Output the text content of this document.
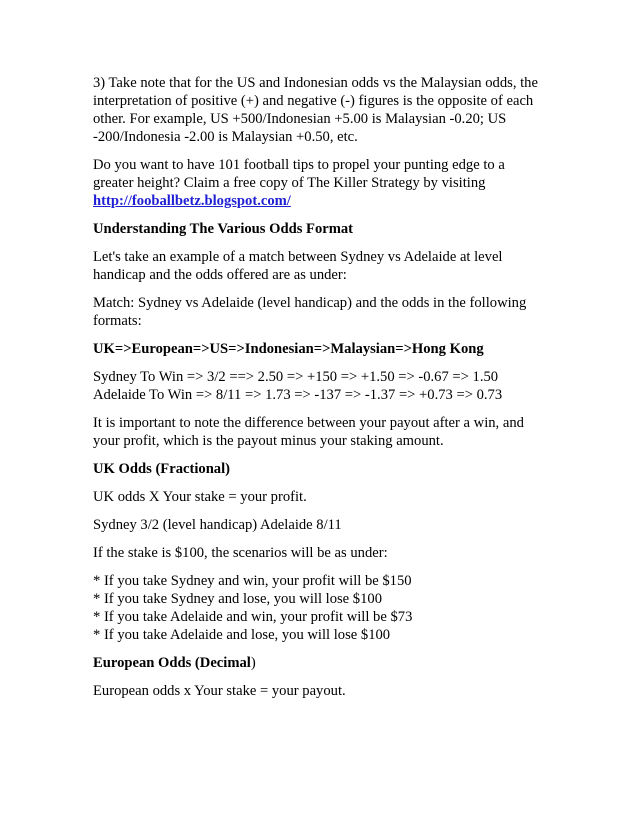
3) Take note that for the US and Indonesian odds vs the Malaysian odds, the interpretation of positive (+) and negative (-) figures is the opposite of each other. For example, US +500/Indonesian +5.00 is Malaysian -0.20; US -200/Indonesia -2.00 is Malaysian +0.50, etc.

Do you want to have 101 football tips to propel your punting edge to a greater height? Claim a free copy of The Killer Strategy by visiting
http://fooballbetz.blogspot.com/

Understanding The Various Odds Format

Let's take an example of a match between Sydney vs Adelaide at level handicap and the odds offered are as under:

Match: Sydney vs Adelaide (level handicap) and the odds in the following formats:

UK=>European=>US=>Indonesian=>Malaysian=>Hong Kong

Sydney To Win => 3/2 ==> 2.50 => +150 => +1.50 => -0.67 => 1.50
Adelaide To Win => 8/11 => 1.73 => -137 => -1.37 => +0.73 => 0.73

It is important to note the difference between your payout after a win, and your profit, which is the payout minus your staking amount.

UK Odds (Fractional)

UK odds X Your stake = your profit.

Sydney 3/2 (level handicap) Adelaide 8/11

If the stake is $100, the scenarios will be as under:

* If you take Sydney and win, your profit will be $150
* If you take Sydney and lose, you will lose $100
* If you take Adelaide and win, your profit will be $73
* If you take Adelaide and lose, you will lose $100

European Odds (Decimal)

European odds x Your stake = your payout.
